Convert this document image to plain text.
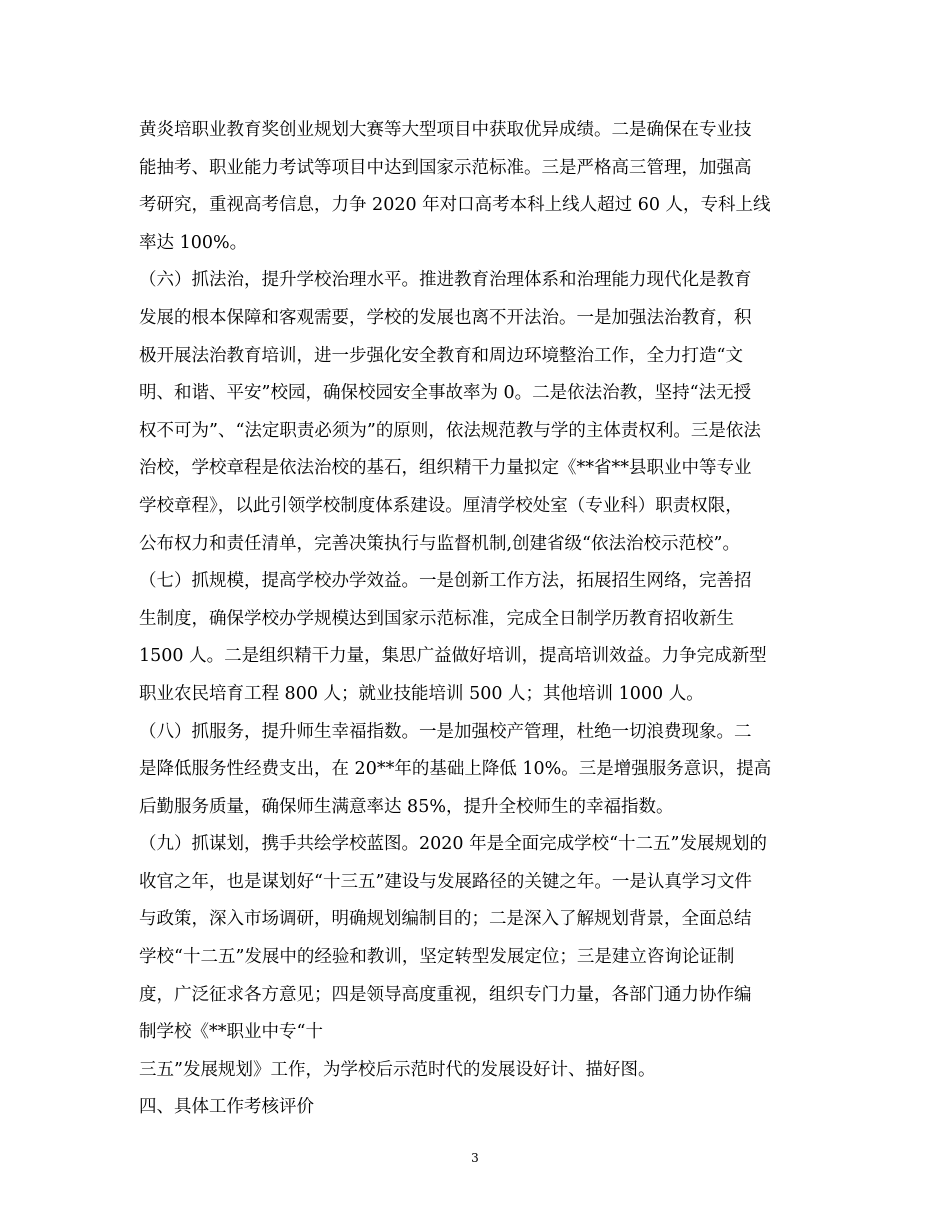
黄炎培职业教育奖创业规划大赛等大型项目中获取优异成绩。二是确保在专业技
能抽考、职业能力考试等项目中达到国家示范标准。三是严格高三管理，加强高
考研究，重视高考信息，力争 2020 年对口高考本科上线人超过 60 人，专科上线
率达 100%。
（六）抓法治，提升学校治理水平。推进教育治理体系和治理能力现代化是教育
发展的根本保障和客观需要，学校的发展也离不开法治。一是加强法治教育，积
极开展法治教育培训，进一步强化安全教育和周边环境整治工作，全力打造“文
明、和谐、平安”校园，确保校园安全事故率为 0。二是依法治教，坚持“法无授
权不可为”、“法定职责必须为”的原则，依法规范教与学的主体责权利。三是依法
治校，学校章程是依法治校的基石，组织精干力量拟定《**省**县职业中等专业
学校章程》，以此引领学校制度体系建设。厘清学校处室（专业科）职责权限，
公布权力和责任清单，完善决策执行与监督机制,创建省级“依法治校示范校”。
（七）抓规模，提高学校办学效益。一是创新工作方法，拓展招生网络，完善招
生制度，确保学校办学规模达到国家示范标准，完成全日制学历教育招收新生
1500 人。二是组织精干力量，集思广益做好培训，提高培训效益。力争完成新型
职业农民培育工程 800 人；就业技能培训 500 人；其他培训 1000 人。
（八）抓服务，提升师生幸福指数。一是加强校产管理，杜绝一切浪费现象。二
是降低服务性经费支出，在 20**年的基础上降低 10%。三是增强服务意识，提高
后勤服务质量，确保师生满意率达 85%，提升全校师生的幸福指数。
（九）抓谋划，携手共绘学校蓝图。2020 年是全面完成学校“十二五”发展规划的
收官之年，也是谋划好“十三五”建设与发展路径的关键之年。一是认真学习文件
与政策，深入市场调研，明确规划编制目的；二是深入了解规划背景，全面总结
学校“十二五”发展中的经验和教训，坚定转型发展定位；三是建立咨询论证制
度，广泛征求各方意见；四是领导高度重视，组织专门力量，各部门通力协作编
制学校《**职业中专“十
三五”发展规划》工作，为学校后示范时代的发展设好计、描好图。
四、具体工作考核评价
3
